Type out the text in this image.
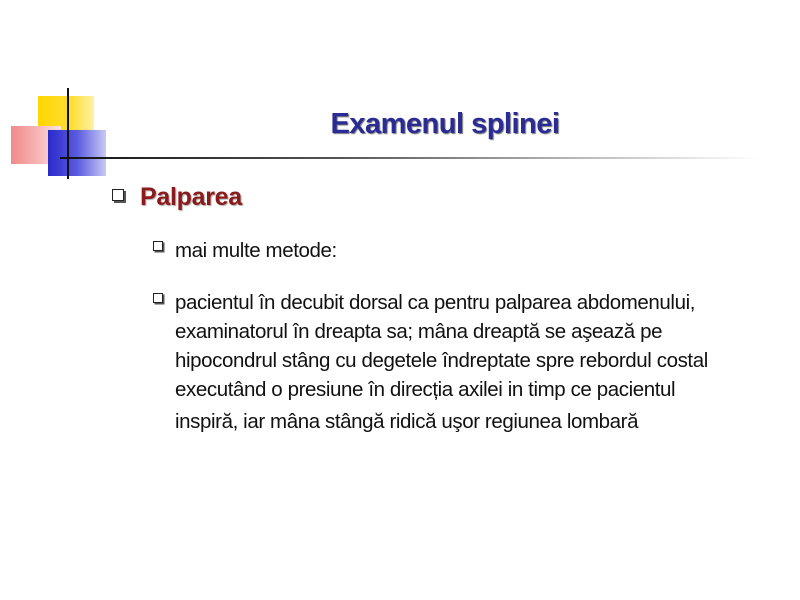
Examenul splinei
Palparea
mai multe metode:
pacientul în decubit dorsal ca pentru palparea abdomenului,
examinatorul în dreapta sa; mâna dreaptă se aşează pe
hipocondrul stâng cu degetele îndreptate spre rebordul costal
executând o presiune în direcția axilei in timp ce pacientul
inspiră, iar mâna stângă ridică uşor regiunea lombară
